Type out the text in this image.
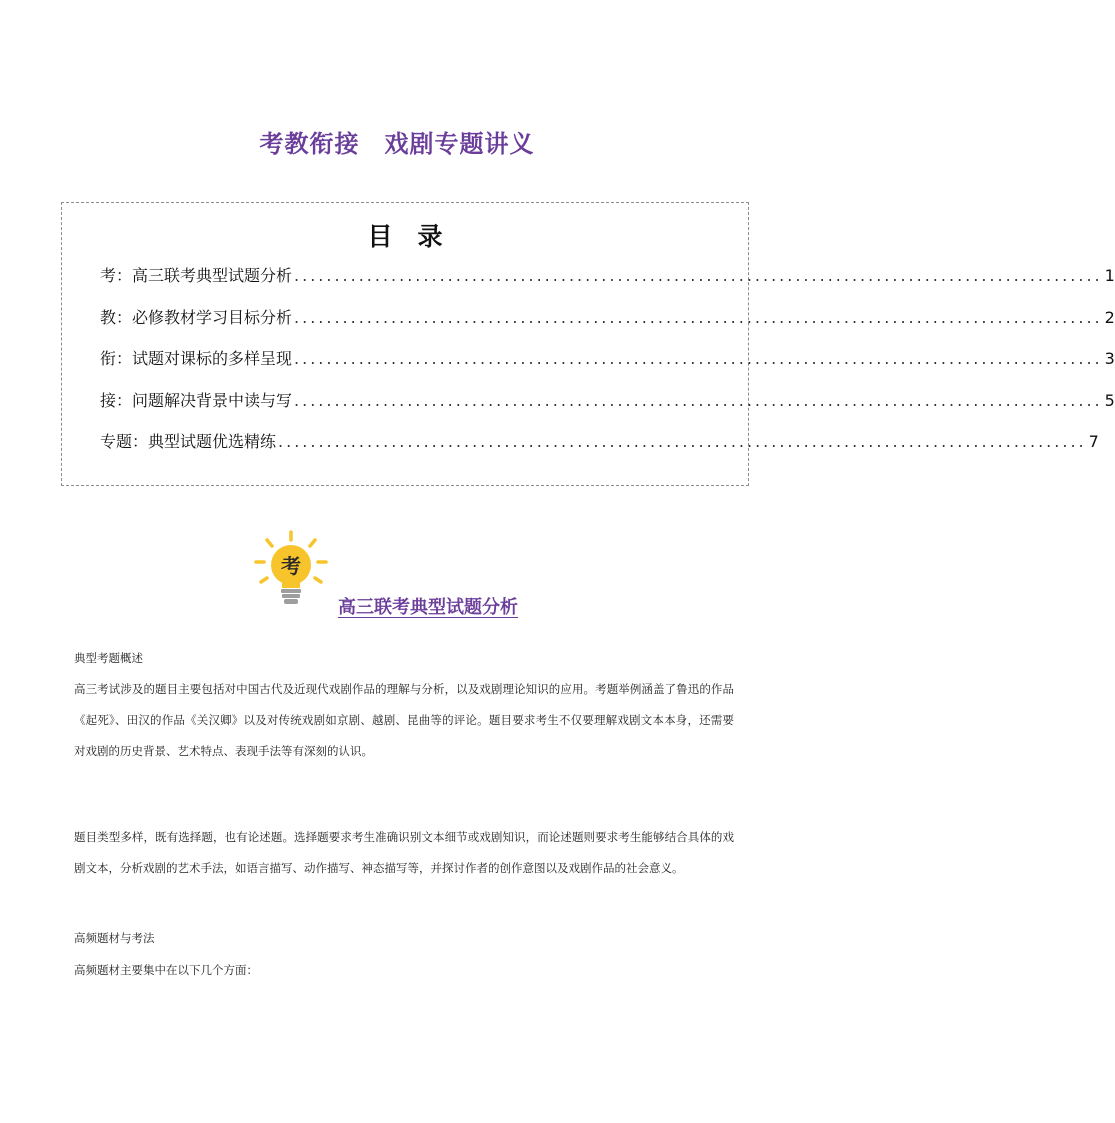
考教衔接　戏剧专题讲义
目　录
考：高三联考典型试题分析 .................................................................................................... 1
教：必修教材学习目标分析 .................................................................................................... 2
衔：试题对课标的多样呈现 .................................................................................................... 3
接：问题解决背景中读与写 .................................................................................................... 5
专题：典型试题优选精练 .................................................................................................... 7
考
高三联考典型试题分析
典型考题概述
高三考试涉及的题目主要包括对中国古代及近现代戏剧作品的理解与分析，以及戏剧理论知识的应用。考题举例涵盖了鲁迅的作品《起死》、田汉的作品《关汉卿》以及对传统戏剧如京剧、越剧、昆曲等的评论。题目要求考生不仅要理解戏剧文本本身，还需要对戏剧的历史背景、艺术特点、表现手法等有深刻的认识。
题目类型多样，既有选择题，也有论述题。选择题要求考生准确识别文本细节或戏剧知识，而论述题则要求考生能够结合具体的戏剧文本，分析戏剧的艺术手法，如语言描写、动作描写、神态描写等，并探讨作者的创作意图以及戏剧作品的社会意义。
高频题材与考法
高频题材主要集中在以下几个方面：
